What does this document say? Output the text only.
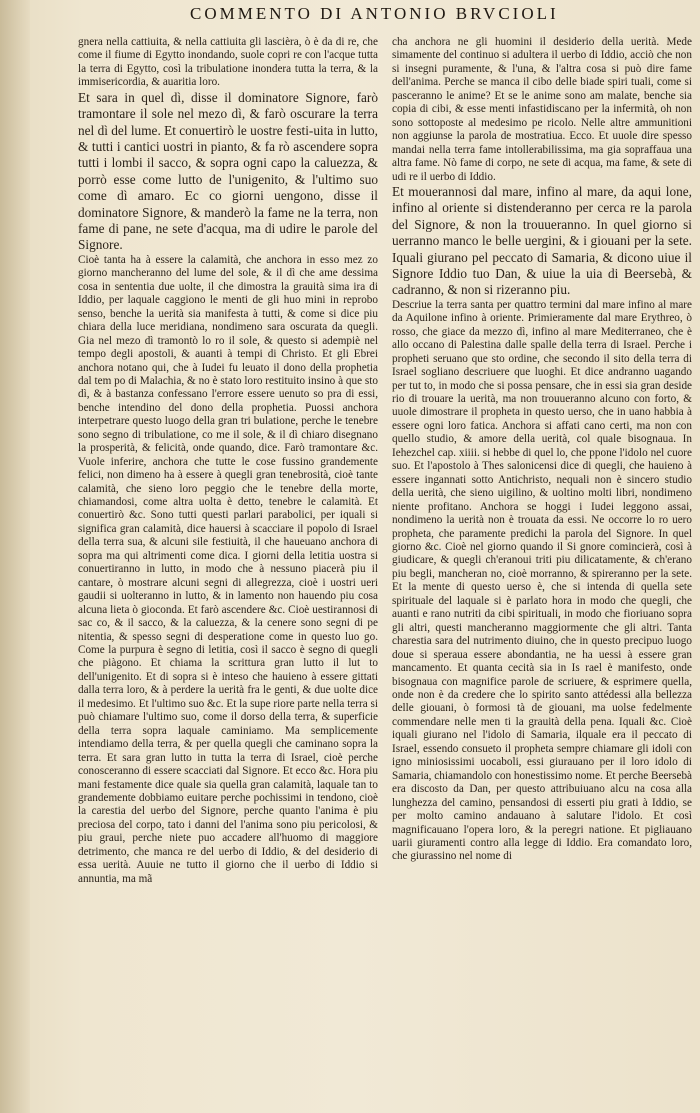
COMMENTO DI ANTONIO BRVCIOLI

gnera nella cattiuita, & nella cattiuita gli lascièra, ò è da di re, che come il fiume di Egytto inondando, suole copri re con l'acque tutta la terra di Egytto, così la tribulatione inondera tutta la terra, & la immisericordia, & auaritia loro.

Et sara in quel dì, disse il dominatore Signore, farò tramontare il sole nel mezo dì, & farò oscurare la terra nel dì del lume. Et conuertirò le uostre festi-uita in lutto, & tutti i cantici uostri in pianto, & fa rò ascendere sopra tutti i lombi il sacco, & sopra ogni capo la caluezza, & porrò esse come lutto de l'unigenito, & l'ultimo suo come dì amaro. Ec co giorni uengono, disse il dominatore Signore, & manderò la fame ne la terra, non fame di pane, ne sete d'acqua, ma di udire le parole del Signore.

Cioè tanta ha à essere la calamità, che anchora in esso mez zo giorno mancheranno del lume del sole, & il dì che ame dessima cosa in sententia due uolte, il che dimostra la grauità sima ira di Iddio, per laquale caggiono le menti de gli huo mini in reprobo senso, benche la uerità sia manifesta à tutti, & come si dice piu chiara della luce meridiana, nondimeno sara oscurata da quegli. Gia nel mezo dì tramontò lo ro il sole, & questo si adempiè nel tempo degli apostoli, & auanti à tempi di Christo. Et gli Ebrei anchora notano qui, che à Iudei fu leuato il dono della prophetia dal tem po di Malachia, & no è stato loro restituito insino à que sto dì, & à bastanza confessano l'errore essere uenuto so pra di essi, benche intendino del dono della prophetia. Puossi anchora interpetrare questo luogo della gran tri bulatione, perche le tenebre sono segno di tribulatione, co me il sole, & il dì chiaro disegnano la prosperità, & felicità, onde quando, dice. Farò tramontare &c. Vuole inferire, anchora che tutte le cose fussino grandemente felici, non dimeno ha à essere à quegli gran tenebrosità, cioè tante calamità, che sieno loro peggio che le tenebre della morte, chiamandosi, come altra uolta è detto, tenebre le calamità. Et conuertirò &c. Sono tutti questi parlari parabolici, per iquali si significa gran calamità, dice hauersi à scacciare il popolo di Israel della terra sua, & alcuni sile festiuità, il che haueuano anchora di sopra ma qui altrimenti come dica. I giorni della letitia uostra si conuertiranno in lutto, in modo che à nessuno piacerà piu il cantare, ò mostrare alcuni segni di allegrezza, cioè i uostri ueri gaudii si uolteranno in lutto, & in lamento non hauendo piu cosa alcuna lieta ò gioconda. Et farò ascendere &c. Cioè uestirannosi di sac co, & il sacco, & la caluezza, & la cenere sono segni di pe nitentia, & spesso segni di desperatione come in questo luo go. Come la purpura è segno di letitia, così il sacco è segno di quegli che piàgono. Et chiama la scrittura gran lutto il lut to dell'unigenito. Et di sopra si è inteso che hauieno à essere gittati dalla terra loro, & à perdere la uerità fra le genti, & due uolte dice il medesimo. Et l'ultimo suo &c. Et la supe riore parte nella terra si può chiamare l'ultimo suo, come il dorso della terra, & superficie della terra sopra laquale caminiamo. Ma semplicemente intendiamo della terra, & per quella quegli che caminano sopra la terra. Et sara gran lutto in tutta la terra di Israel, cioè perche conosceranno di essere scacciati dal Signore. Et ecco &c. Hora piu mani festamente dice quale sia quella gran calamità, laquale tan to grandemente dobbiamo euitare perche pochissimi in tendono, cioè la carestia del uerbo del Signore, perche quanto l'anima è piu preciosa del corpo, tato i danni del l'anima sono piu pericolosi, & piu graui, perche niete puo accadere all'huomo di maggiore detrimento, che manca re del uerbo di Iddio, & del desiderio di essa uerità. Auuie ne tutto il giorno che il uerbo di Iddio si annuntia, ma mã

cha anchora ne gli huomini il desiderio della uerità. Mede simamente del continuo si adultera il uerbo di Iddio, acciò che non si insegni puramente, & l'una, & l'altra cosa si può dire fame dell'anima. Perche se manca il cibo delle biade spiri tuali, come si pasceranno le anime? Et se le anime sono am malate, benche sia copia di cibi, & esse menti infastidiscano per la infermità, oh non sono sottoposte al medesimo pe ricolo. Nelle altre ammunitioni non aggiunse la parola de mostratiua. Ecco. Et uuole dire spesso mandai nella terra fame intollerabilissima, ma gia sopraffaua una altra fame. Nò fame di corpo, ne sete di acqua, ma fame, & sete di udi re il uerbo di Iddio.

Et mouerannosi dal mare, infino al mare, da aqui lone, infino al oriente si distenderanno per cerca re la parola del Signore, & non la trouueranno. In quel giorno si uerranno manco le belle uergini, & i giouani per la sete. Iquali giurano pel peccato di Samaria, & dicono uiue il Signore Iddio tuo Dan, & uiue la uia di Beersebà, & cadranno, & non si rizeranno piu.

Descriue la terra santa per quattro termini dal mare infino al mare da Aquilone infino à oriente. Primieramente dal mare Erythreo, ò rosso, che giace da mezzo dì, infino al mare Mediterraneo, che è allo occano di Palestina dalle spalle della terra di Israel. Perche i propheti seruano que sto ordine, che secondo il sito della terra di Israel sogliano descriuere que luoghi. Et dice andranno uagando per tut to, in modo che si possa pensare, che in essi sia gran deside rio di trouare la uerità, ma non trouueranno alcuno con forto, & uuole dimostrare il propheta in questo uerso, che in uano habbia à essere ogni loro fatica. Anchora si affati cano certi, ma non con quello studio, & amore della uerità, col quale bisognaua. In Iehezchel cap. xiiii. si hebbe di quel lo, che ppone l'idolo nel cuore suo. Et l'apostolo à Thes salonicensi dice di quegli, che hauieno à essere ingannati sotto Antichristo, nequali non è sincero studio della uerità, che sieno uigilino, & uoltino molti libri, nondimeno niente profitano. Anchora se hoggi i Iudei leggono assai, nondimeno la uerità non è trouata da essi. Ne occorre lo ro uero propheta, che paramente predichi la parola del Signore. In quel giorno &c. Cioè nel giorno quando il Si gnore comincierà, così à giudicare, & quegli ch'eranoui triti piu dilicatamente, & ch'erano piu begli, mancheran no, cioè morranno, & spireranno per la sete. Et la mente di questo uerso è, che si intenda di quella sete spirituale del laquale si è parlato hora in modo che quegli, che auanti e rano nutriti da cibi spirituali, in modo che fioriuano sopra gli altri, questi mancheranno maggiormente che gli altri. Tanta charestia sara del nutrimento diuino, che in questo precipuo luogo doue si speraua essere abondantia, ne ha uessi à essere gran mancamento. Et quanta cecità sia in Is rael è manifesto, onde bisognaua con magnifice parole de scriuere, & esprimere quella, onde non è da credere che lo spirito santo attédessi alla bellezza delle giouani, ò formosi tà de giouani, ma uolse fedelmente commendare nelle men ti la grauità della pena. Iquali &c. Cioè iquali giurano nel l'idolo di Samaria, ilquale era il peccato di Israel, essendo consueto il propheta sempre chiamare gli idoli con igno miniosissimi uocaboli, essi giurauano per il loro idolo di Samaria, chiamandolo con honestissimo nome. Et perche Beersebà era discosto da Dan, per questo attribuiuano alcu na cosa alla lunghezza del camino, pensandosi di esserti piu grati à Iddio, se per molto camino andauano à salutare l'idolo. Et così magnificauano l'opera loro, & la peregri natione. Et pigliauano uarii giuramenti contro alla legge di Iddio. Era comandato loro, che giurassino nel nome di
